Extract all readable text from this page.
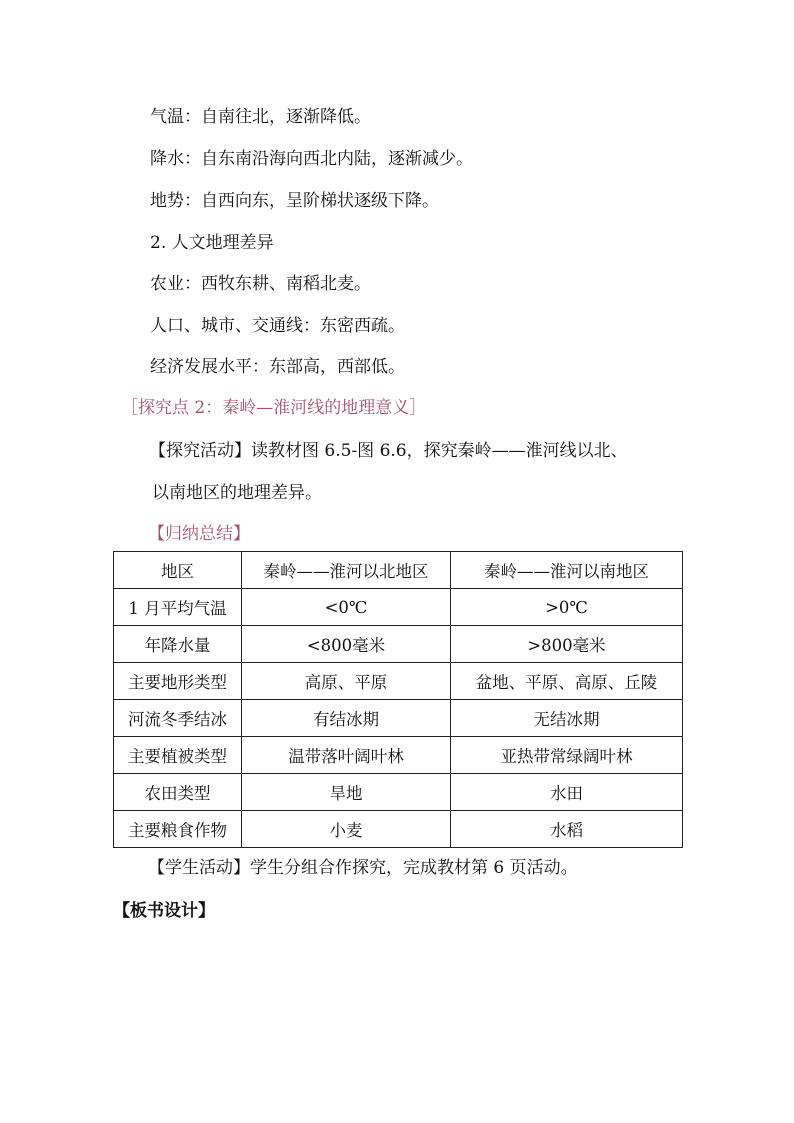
气温：自南往北，逐渐降低。
降水：自东南沿海向西北内陆，逐渐减少。
地势：自西向东，呈阶梯状逐级下降。
2. 人文地理差异
农业：西牧东耕、南稻北麦。
人口、城市、交通线：东密西疏。
经济发展水平：东部高，西部低。
［探究点 2：秦岭—淮河线的地理意义］
【探究活动】读教材图 6.5-图 6.6，探究秦岭——淮河线以北、
以南地区的地理差异。
【归纳总结】
地区	秦岭——淮河以北地区	秦岭——淮河以南地区
1 月平均气温	<0℃	>0℃
年降水量	<800毫米	>800毫米
主要地形类型	高原、平原	盆地、平原、高原、丘陵
河流冬季结冰	有结冰期	无结冰期
主要植被类型	温带落叶阔叶林	亚热带常绿阔叶林
农田类型	旱地	水田
主要粮食作物	小麦	水稻
【学生活动】学生分组合作探究，完成教材第 6 页活动。
【板书设计】
